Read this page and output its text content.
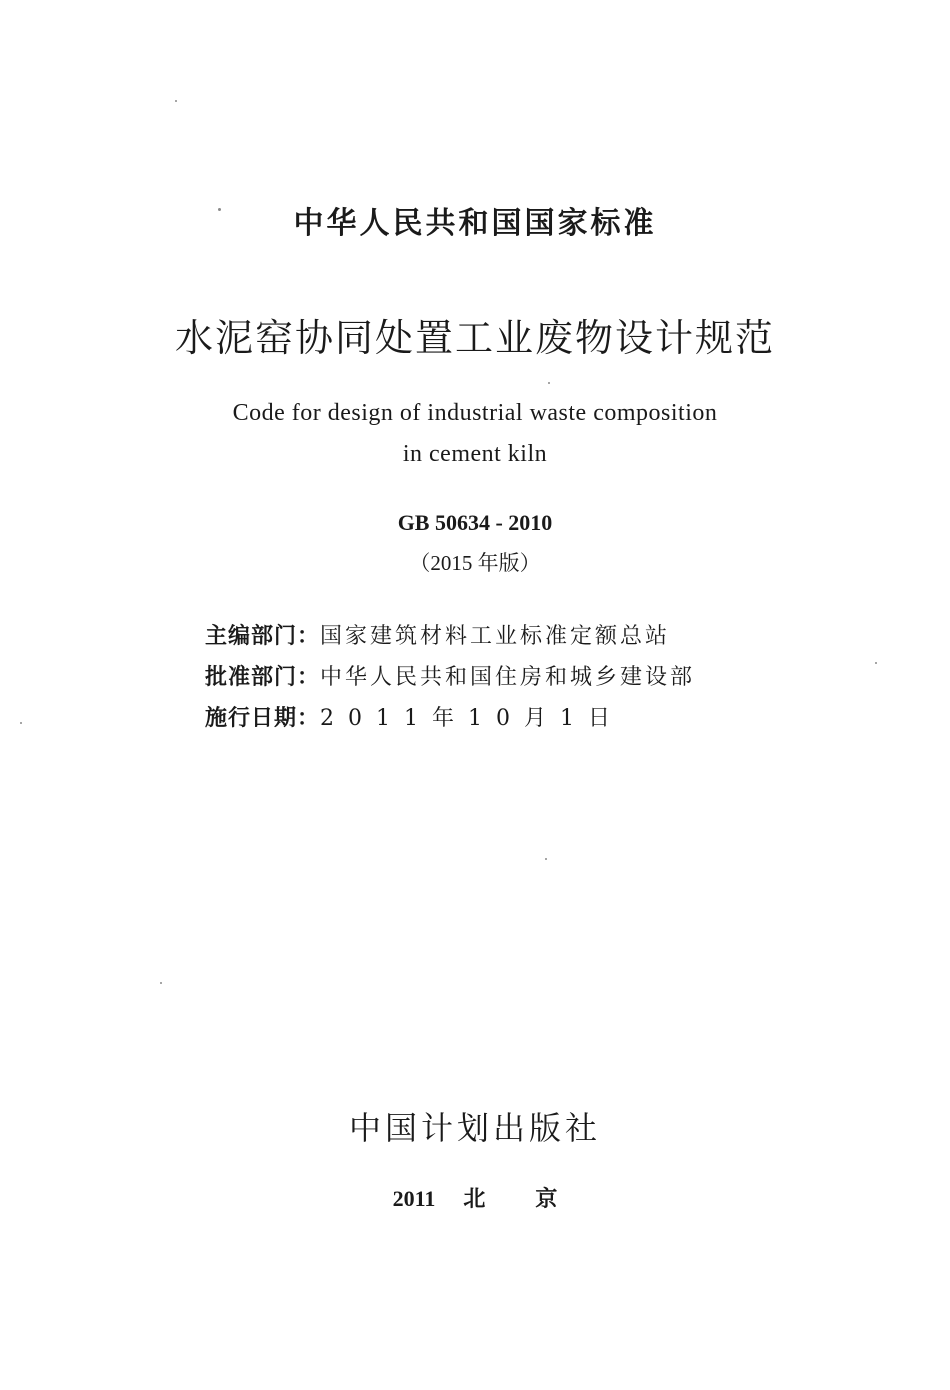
中华人民共和国国家标准
水泥窑协同处置工业废物设计规范
Code for design of industrial waste composition
in cement kiln
GB 50634 - 2010
（2015 年版）
主编部门： 国家建筑材料工业标准定额总站
批准部门： 中华人民共和国住房和城乡建设部
施行日期： 2011年10月1日
中国计划出版社
2011 北 京
